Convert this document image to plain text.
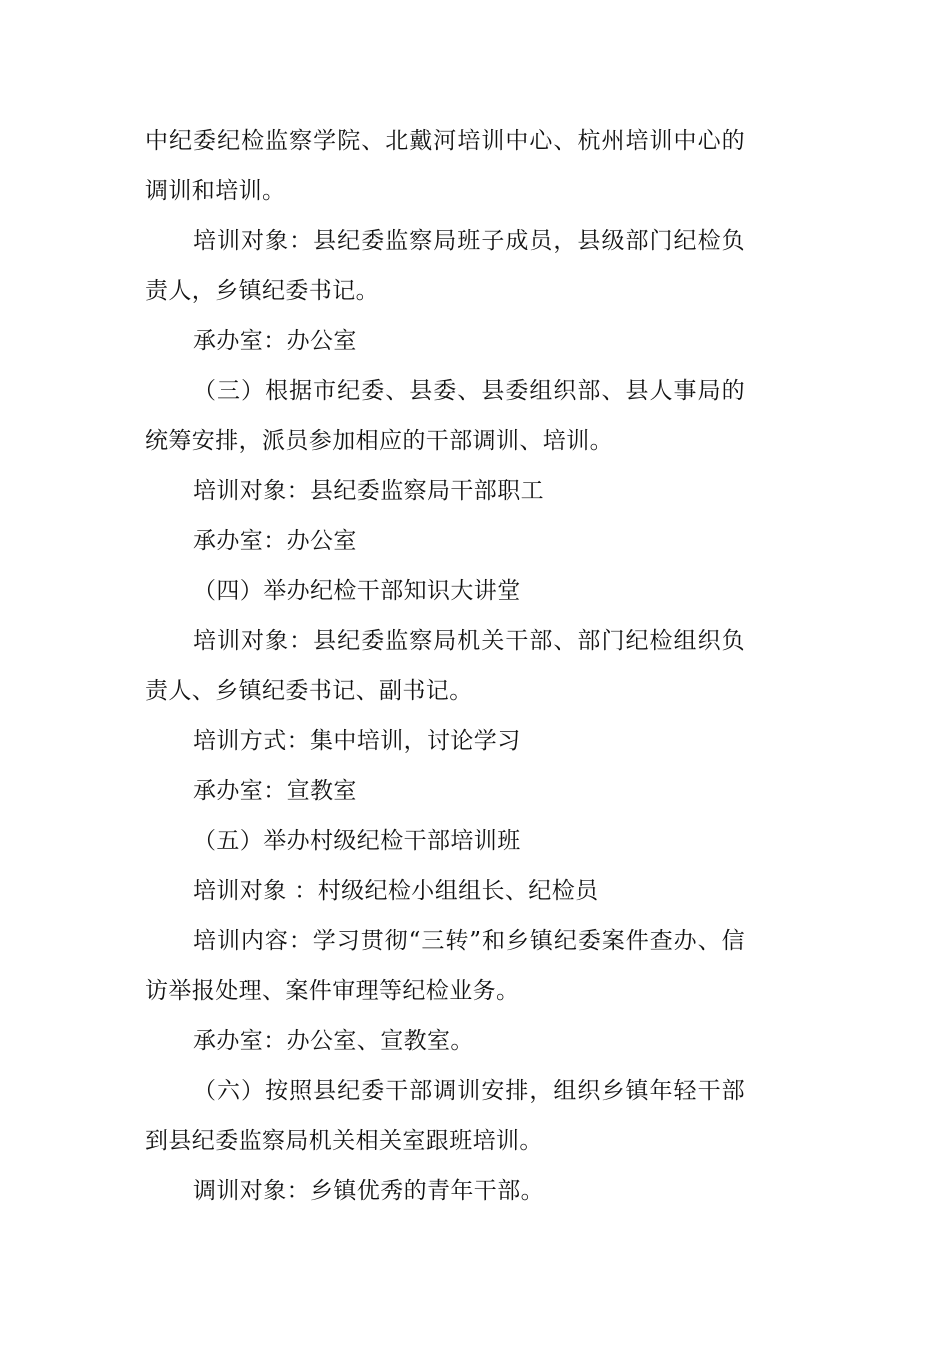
中纪委纪检监察学院、北戴河培训中心、杭州培训中心的调训和培训。

培训对象：县纪委监察局班子成员，县级部门纪检负责人，乡镇纪委书记。

承办室：办公室

（三）根据市纪委、县委、县委组织部、县人事局的统筹安排，派员参加相应的干部调训、培训。

培训对象：县纪委监察局干部职工

承办室：办公室

（四）举办纪检干部知识大讲堂

培训对象：县纪委监察局机关干部、部门纪检组织负责人、乡镇纪委书记、副书记。

培训方式：集中培训，讨论学习

承办室：宣教室

（五）举办村级纪检干部培训班

培训对象 ：村级纪检小组组长、纪检员

培训内容：学习贯彻“三转”和乡镇纪委案件查办、信访举报处理、案件审理等纪检业务。

承办室：办公室、宣教室。

（六）按照县纪委干部调训安排，组织乡镇年轻干部到县纪委监察局机关相关室跟班培训。

调训对象：乡镇优秀的青年干部。
